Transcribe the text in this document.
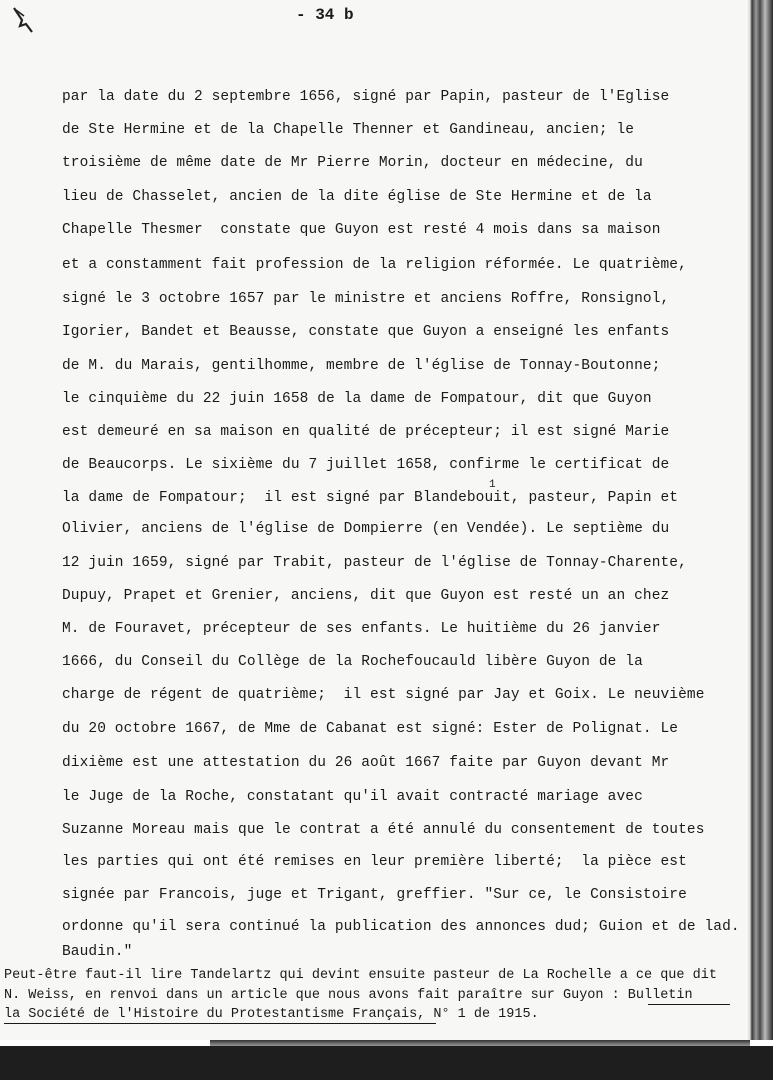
- 34 b
par la date du 2 septembre 1656, signé par Papin, pasteur de l'Eglise
de Ste Hermine et de la Chapelle Thenner et Gandineau, ancien; le
troisième de même date de Mr Pierre Morin, docteur en médecine, du
lieu de Chasselet, ancien de la dite église de Ste Hermine et de la
Chapelle Thesmer  constate que Guyon est resté 4 mois dans sa maison
et a constamment fait profession de la religion réformée. Le quatrième,
signé le 3 octobre 1657 par le ministre et anciens Roffre, Ronsignol,
Igorier, Bandet et Beausse, constate que Guyon a enseigné les enfants
de M. du Marais, gentilhomme, membre de l'église de Tonnay-Boutonne;
le cinquième du 22 juin 1658 de la dame de Fompatour, dit que Guyon
est demeuré en sa maison en qualité de précepteur; il est signé Marie
de Beaucorps. Le sixième du 7 juillet 1658, confirme le certificat de
la dame de Fompatour;  il est signé par Blandebouit, pasteur, Papin et
Olivier, anciens de l'église de Dompierre (en Vendée). Le septième du
12 juin 1659, signé par Trabit, pasteur de l'église de Tonnay-Charente,
Dupuy, Prapet et Grenier, anciens, dit que Guyon est resté un an chez
M. de Fouravet, précepteur de ses enfants. Le huitième du 26 janvier
1666, du Conseil du Collège de la Rochefoucauld libère Guyon de la
charge de régent de quatrième;  il est signé par Jay et Goix. Le neuvième
du 20 octobre 1667, de Mme de Cabanat est signé: Ester de Polignat. Le
dixième est une attestation du 26 août 1667 faite par Guyon devant Mr
le Juge de la Roche, constatant qu'il avait contracté mariage avec
Suzanne Moreau mais que le contrat a été annulé du consentement de toutes
les parties qui ont été remises en leur première liberté;  la pièce est
signée par Francois, juge et Trigant, greffier. "Sur ce, le Consistoire
ordonne qu'il sera continué la publication des annonces dud; Guion et de lad.
Baudin."
1
Peut-être faut-il lire Tandelartz qui devint ensuite pasteur de La Rochelle a ce que dit
N. Weiss, en renvoi dans un article que nous avons fait paraître sur Guyon : Bulletin
la Société de l'Histoire du Protestantisme Français, N° 1 de 1915.
